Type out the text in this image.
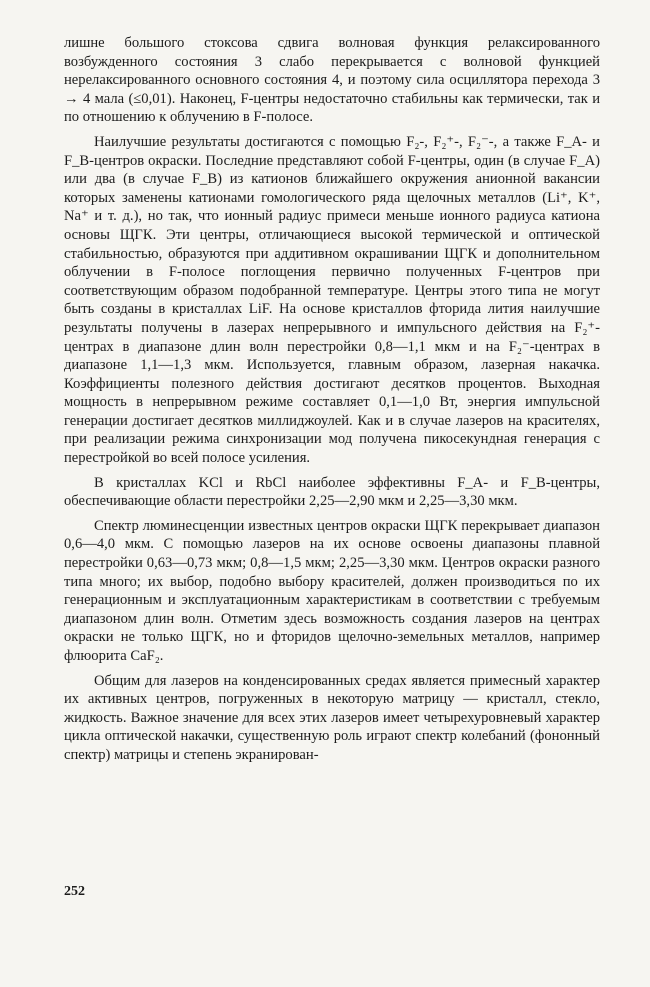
лишне большого стоксова сдвига волновая функция релаксированного возбужденного состояния 3 слабо перекрывается с волновой функцией нерелаксированного основного состояния 4, и поэтому сила осциллятора перехода 3 → 4 мала (≤0,01). Наконец, F-центры недостаточно стабильны как термически, так и по отношению к облучению в F-полосе.

Наилучшие результаты достигаются с помощью F₂-, F₂⁺-, F₂⁻-, а также F_A- и F_B-центров окраски. Последние представляют собой F-центры, один (в случае F_A) или два (в случае F_B) из катионов ближайшего окружения анионной вакансии которых заменены катионами гомологического ряда щелочных металлов (Li⁺, K⁺, Na⁺ и т. д.), но так, что ионный радиус примеси меньше ионного радиуса катиона основы ЩГК. Эти центры, отличающиеся высокой термической и оптической стабильностью, образуются при аддитивном окрашивании ЩГК и дополнительном облучении в F-полосе поглощения первично полученных F-центров при соответствующим образом подобранной температуре. Центры этого типа не могут быть созданы в кристаллах LiF. На основе кристаллов фторида лития наилучшие результаты получены в лазерах непрерывного и импульсного действия на F₂⁺-центрах в диапазоне длин волн перестройки 0,8—1,1 мкм и на F₂⁻-центрах в диапазоне 1,1—1,3 мкм. Используется, главным образом, лазерная накачка. Коэффициенты полезного действия достигают десятков процентов. Выходная мощность в непрерывном режиме составляет 0,1—1,0 Вт, энергия импульсной генерации достигает десятков миллиджоулей. Как и в случае лазеров на красителях, при реализации режима синхронизации мод получена пикосекундная генерация с перестройкой во всей полосе усиления.

В кристаллах KCl и RbCl наиболее эффективны F_A- и F_B-центры, обеспечивающие области перестройки 2,25—2,90 мкм и 2,25—3,30 мкм.

Спектр люминесценции известных центров окраски ЩГК перекрывает диапазон 0,6—4,0 мкм. С помощью лазеров на их основе освоены диапазоны плавной перестройки 0,63—0,73 мкм; 0,8—1,5 мкм; 2,25—3,30 мкм. Центров окраски разного типа много; их выбор, подобно выбору красителей, должен производиться по их генерационным и эксплуатационным характеристикам в соответствии с требуемым диапазоном длин волн. Отметим здесь возможность создания лазеров на центрах окраски не только ЩГК, но и фторидов щелочно-земельных металлов, например флюорита CaF₂.

Общим для лазеров на конденсированных средах является примесный характер их активных центров, погруженных в некоторую матрицу — кристалл, стекло, жидкость. Важное значение для всех этих лазеров имеет четырехуровневый характер цикла оптической накачки, существенную роль играют спектр колебаний (фононный спектр) матрицы и степень экранирован-

252
